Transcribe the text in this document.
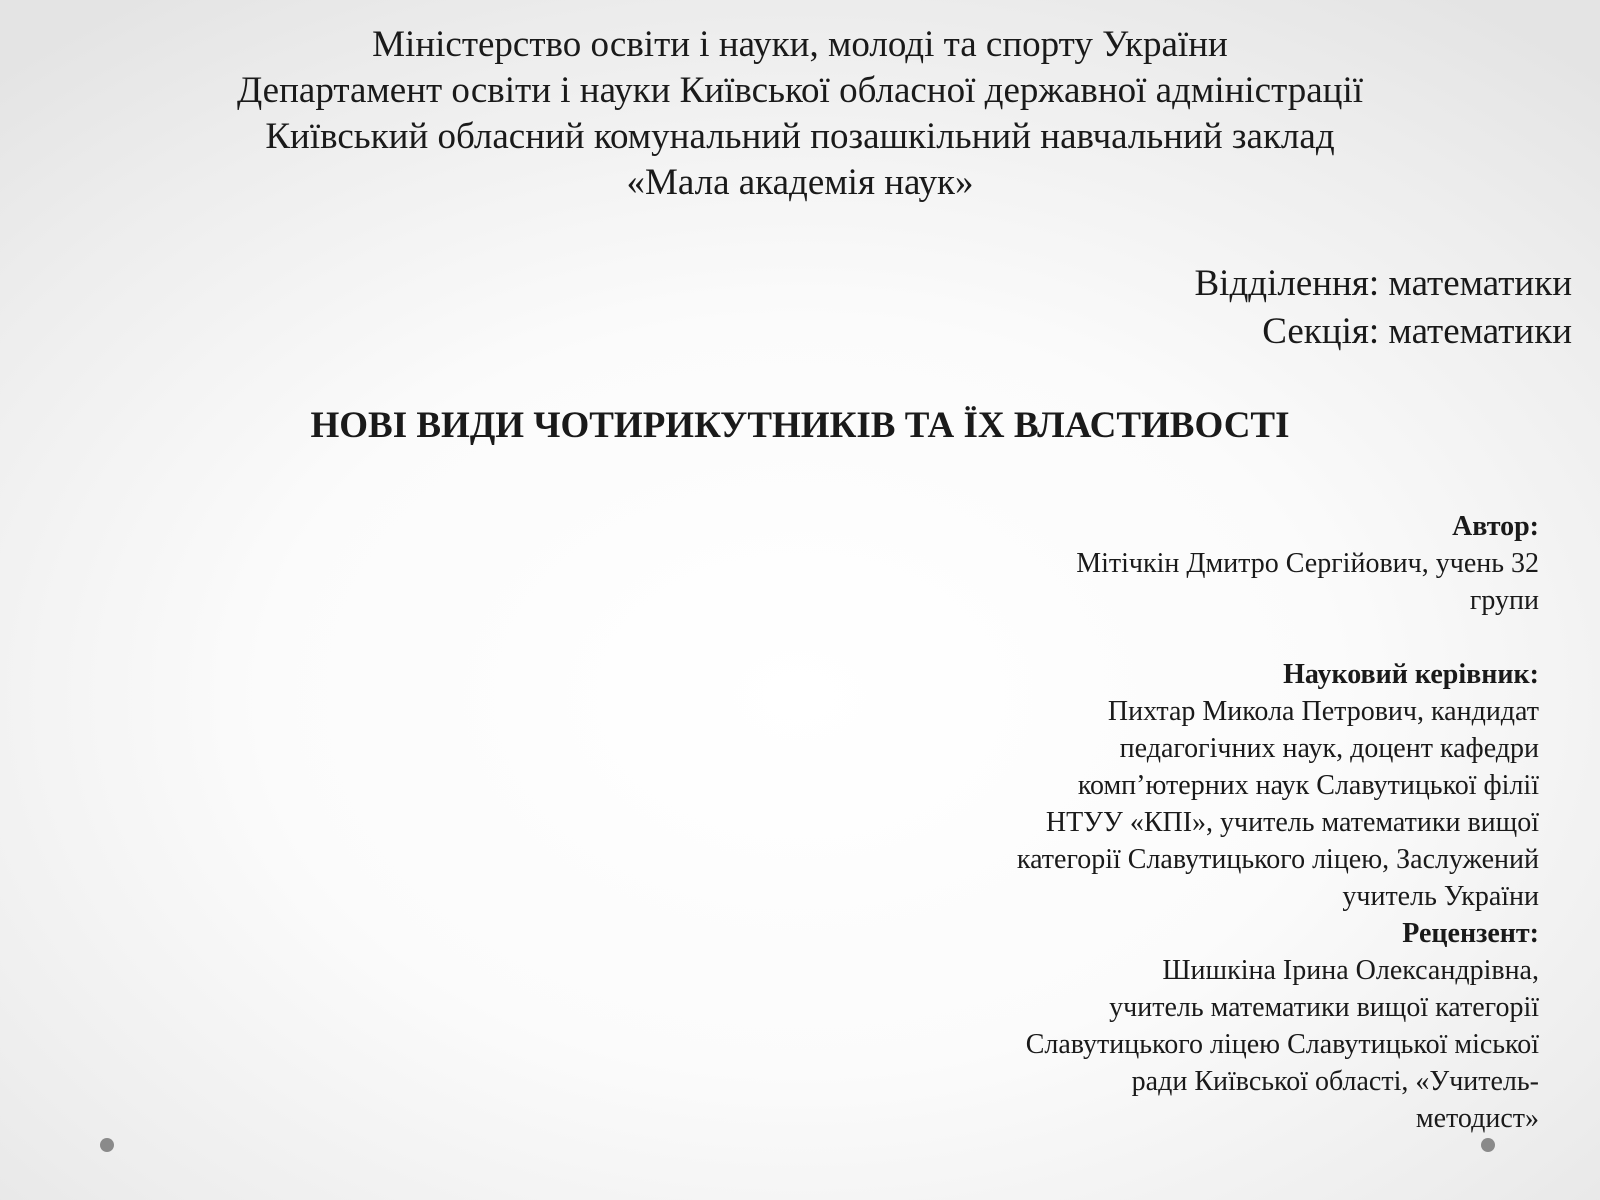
Міністерство освіти і науки, молоді та спорту України
Департамент освіти і науки Київської обласної державної адміністрації
Київський обласний комунальний позашкільний навчальний заклад
«Мала академія наук»
Відділення: математики
Секція: математики
НОВІ ВИДИ ЧОТИРИКУТНИКІВ ТА ЇХ ВЛАСТИВОСТІ
Автор:
Мітічкін Дмитро Сергійович, учень 32
групи
Науковий керівник:
Пихтар Микола Петрович, кандидат
педагогічних наук, доцент кафедри
комп’ютерних наук Славутицької філії
НТУУ «КПІ», учитель математики вищої
категорії Славутицького ліцею, Заслужений
учитель України
Рецензент:
Шишкіна Ірина Олександрівна,
учитель математики вищої категорії
Славутицького ліцею Славутицької міської
ради Київської області, «Учитель-
методист»
